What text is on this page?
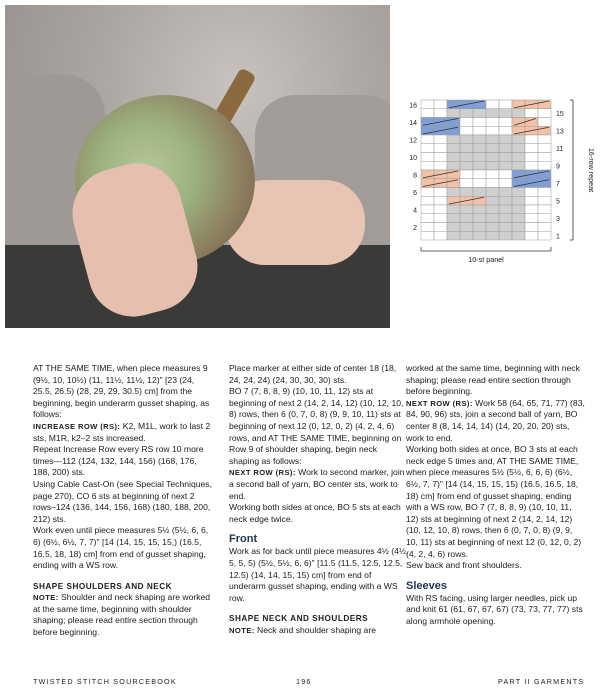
16
14
12
10
8
6
4
2
15
13
11
9
7
5
3
1
16-row repeat
10-st panel

AT THE SAME TIME, when piece measures 9 (9½, 10, 10½) (11, 11½, 11½, 12)" [23 (24, 25.5, 26.5) (28, 29, 29, 30.5) cm] from the beginning, begin underarm gusset shaping, as follows:

INCREASE ROW (RS): K2, M1L, work to last 2 sts, M1R, k2–2 sts increased.

Repeat Increase Row every RS row 10 more times—112 (124, 132, 144, 156) (168, 176, 188, 200) sts.

Using Cable Cast-On (see Special Techniques, page 270), CO 6 sts at beginning of next 2 rows–124 (136, 144, 156, 168) (180, 188, 200, 212) sts.

Work even until piece measures 5½ (5½, 6, 6, 6) (6½, 6½, 7, 7)" [14 (14, 15, 15, 15,) (16.5, 16.5, 18, 18) cm] from end of gusset shaping, ending with a WS row.

SHAPE SHOULDERS AND NECK

NOTE: Shoulder and neck shaping are worked at the same time, beginning with shoulder shaping; please read entire section through before beginning.

Place marker at either side of center 18 (18, 24, 24, 24) (24, 30, 30, 30) sts.

BO 7 (7, 8, 8, 9) (10, 10, 11, 12) sts at beginning of next 2 (14, 2, 14, 12) (10, 12, 10, 8) rows, then 6 (0, 7, 0, 8) (9, 9, 10, 11) sts at beginning of next 12 (0, 12, 0, 2) (4, 2, 4, 6) rows, and AT THE SAME TIME, beginning on Row 9 of shoulder shaping, begin neck shaping as follows:

NEXT ROW (RS): Work to second marker, join a second ball of yarn, BO center sts, work to end.

Working both sides at once, BO 5 sts at each neck edge twice.

Front

Work as for back until piece measures 4½ (4½, 5, 5, 5) (5½, 5½, 6, 6)" [11.5 (11.5, 12.5, 12.5, 12.5) (14, 14, 15, 15) cm] from end of underarm gusset shaping, ending with a WS row.

SHAPE NECK AND SHOULDERS

NOTE: Neck and shoulder shaping are

worked at the same time, beginning with neck shaping; please read entire section through before beginning.

NEXT ROW (RS): Work 58 (64, 65, 71, 77) (83, 84, 90, 96) sts, join a second ball of yarn, BO center 8 (8, 14, 14, 14) (14, 20, 20, 20) sts, work to end.

Working both sides at once, BO 3 sts at each neck edge 5 times and, AT THE SAME TIME, when piece measures 5½ (5½, 6, 6, 6) (6½, 6½, 7, 7)" [14 (14, 15, 15, 15) (16.5, 16.5, 18, 18) cm] from end of gusset shaping, ending with a WS row, BO 7 (7, 8, 8, 9) (10, 10, 11, 12) sts at beginning of next 2 (14, 2, 14, 12) (10, 12, 10, 8) rows, then 6 (0, 7, 0, 8) (9, 9, 10, 11) sts at beginning of next 12 (0, 12, 0, 2) (4, 2, 4, 6) rows.

Sew back and front shoulders.

Sleeves

With RS facing, using larger needles, pick up and knit 61 (61, 67, 67, 67) (73, 73, 77, 77) sts along armhole opening.

TWISTED STITCH SOURCEBOOK	196	PART II GARMENTS
